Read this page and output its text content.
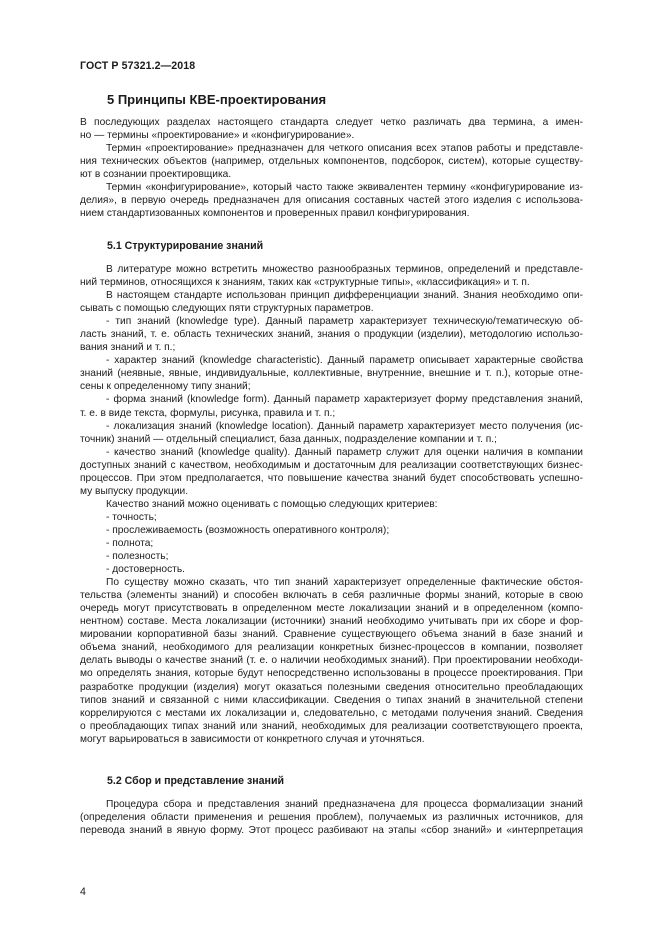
ГОСТ Р 57321.2—2018
5 Принципы КВЕ-проектирования
В последующих разделах настоящего стандарта следует четко различать два термина, а имен-
но — термины «проектирование» и «конфигурирование».
Термин «проектирование» предназначен для четкого описания всех этапов работы и представле-
ния технических объектов (например, отдельных компонентов, подсборок, систем), которые существу-
ют в сознании проектировщика.
Термин «конфигурирование», который часто также эквивалентен термину «конфигурирование из-
делия», в первую очередь предназначен для описания составных частей этого изделия с использова-
нием стандартизованных компонентов и проверенных правил конфигурирования.
5.1 Структурирование знаний
В литературе можно встретить множество разнообразных терминов, определений и представле-
ний терминов, относящихся к знаниям, таких как «структурные типы», «классификация» и т. п.
В настоящем стандарте использован принцип дифференциации знаний. Знания необходимо опи-
сывать с помощью следующих пяти структурных параметров.
- тип знаний (knowledge type). Данный параметр характеризует техническую/тематическую об-
ласть знаний, т. е. область технических знаний, знания о продукции (изделии), методологию использо-
вания знаний и т. п.;
- характер знаний (knowledge characteristic). Данный параметр описывает характерные свойства
знаний (неявные, явные, индивидуальные, коллективные, внутренние, внешние и т. п.), которые отне-
сены к определенному типу знаний;
- форма знаний (knowledge form). Данный параметр характеризует форму представления знаний,
т. е. в виде текста, формулы, рисунка, правила и т. п.;
- локализация знаний (knowledge location). Данный параметр характеризует место получения (ис-
точник) знаний — отдельный специалист, база данных, подразделение компании и т. п.;
- качество знаний (knowledge quality). Данный параметр служит для оценки наличия в компании
доступных знаний с качеством, необходимым и достаточным для реализации соответствующих бизнес-
процессов. При этом предполагается, что повышение качества знаний будет способствовать успешно-
му выпуску продукции.
Качество знаний можно оценивать с помощью следующих критериев:
- точность;
- прослеживаемость (возможность оперативного контроля);
- полнота;
- полезность;
- достоверность.
По существу можно сказать, что тип знаний характеризует определенные фактические обстоя-
тельства (элементы знаний) и способен включать в себя различные формы знаний, которые в свою
очередь могут присутствовать в определенном месте локализации знаний и в определенном (компо-
нентном) составе. Места локализации (источники) знаний необходимо учитывать при их сборе и фор-
мировании корпоративной базы знаний. Сравнение существующего объема знаний в базе знаний и
объема знаний, необходимого для реализации конкретных бизнес-процессов в компании, позволяет
делать выводы о качестве знаний (т. е. о наличии необходимых знаний). При проектировании необходи-
мо определять знания, которые будут непосредственно использованы в процессе проектирования. При
разработке продукции (изделия) могут оказаться полезными сведения относительно преобладающих
типов знаний и связанной с ними классификации. Сведения о типах знаний в значительной степени
коррелируются с местами их локализации и, следовательно, с методами получения знаний. Сведения
о преобладающих типах знаний или знаний, необходимых для реализации соответствующего проекта,
могут варьироваться в зависимости от конкретного случая и уточняться.
5.2 Сбор и представление знаний
Процедура сбора и представления знаний предназначена для процесса формализации знаний
(определения области применения и решения проблем), получаемых из различных источников, для
перевода знаний в явную форму. Этот процесс разбивают на этапы «сбор знаний» и «интерпретация
4
